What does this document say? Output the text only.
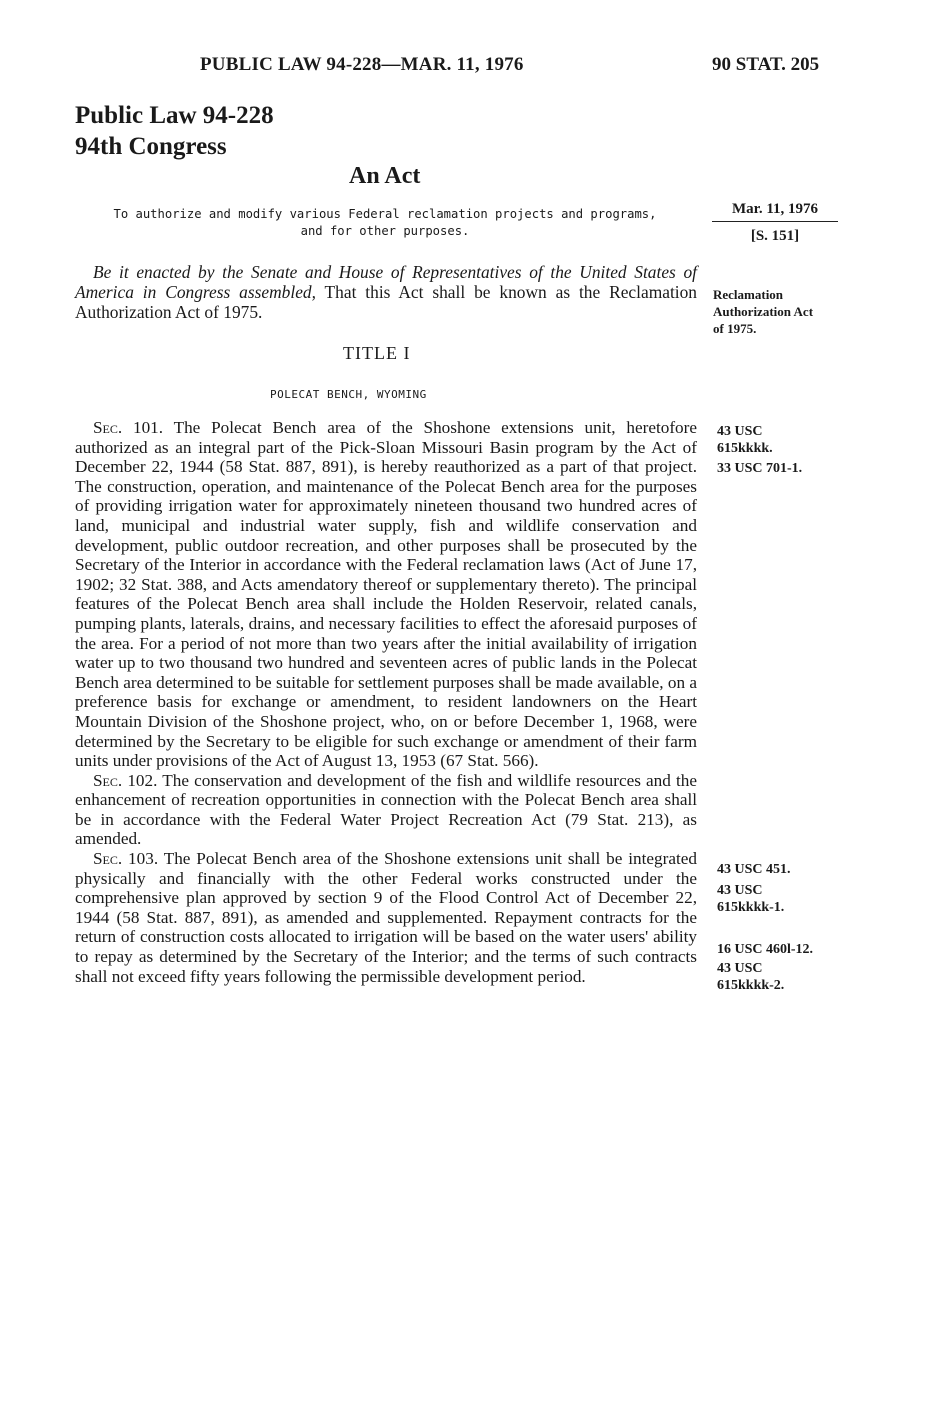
PUBLIC LAW 94-228—MAR. 11, 1976	90 STAT. 205
Public Law 94-228
94th Congress
An Act
To authorize and modify various Federal reclamation projects and programs,
and for other purposes.
Mar. 11, 1976
[S. 151]
Be it enacted by the Senate and House of Representatives of the United States of America in Congress assembled, That this Act shall be known as the Reclamation Authorization Act of 1975.
Reclamation
Authorization Act
of 1975.
TITLE I
POLECAT BENCH, WYOMING

Sec. 101. The Polecat Bench area of the Shoshone extensions unit, heretofore authorized as an integral part of the Pick-Sloan Missouri Basin program by the Act of December 22, 1944 (58 Stat. 887, 891), is hereby reauthorized as a part of that project. The construction, operation, and maintenance of the Polecat Bench area for the purposes of providing irrigation water for approximately nineteen thousand two hundred acres of land, municipal and industrial water supply, fish and wildlife conservation and development, public outdoor recreation, and other purposes shall be prosecuted by the Secretary of the Interior in accordance with the Federal reclamation laws (Act of June 17, 1902; 32 Stat. 388, and Acts amendatory thereof or supplementary thereto). The principal features of the Polecat Bench area shall include the Holden Reservoir, related canals, pumping plants, laterals, drains, and necessary facilities to effect the aforesaid purposes of the area. For a period of not more than two years after the initial availability of irrigation water up to two thousand two hundred and seventeen acres of public lands in the Polecat Bench area determined to be suitable for settlement purposes shall be made available, on a preference basis for exchange or amendment, to resident landowners on the Heart Mountain Division of the Shoshone project, who, on or before December 1, 1968, were determined by the Secretary to be eligible for such exchange or amendment of their farm units under provisions of the Act of August 13, 1953 (67 Stat. 566).

Sec. 102. The conservation and development of the fish and wildlife resources and the enhancement of recreation opportunities in connection with the Polecat Bench area shall be in accordance with the Federal Water Project Recreation Act (79 Stat. 213), as amended.

Sec. 103. The Polecat Bench area of the Shoshone extensions unit shall be integrated physically and financially with the other Federal works constructed under the comprehensive plan approved by section 9 of the Flood Control Act of December 22, 1944 (58 Stat. 887, 891), as amended and supplemented. Repayment contracts for the return of construction costs allocated to irrigation will be based on the water users' ability to repay as determined by the Secretary of the Interior; and the terms of such contracts shall not exceed fifty years following the permissible development period.

43 USC
615kkkk.
33 USC 701-1.
43 USC 451.
43 USC
615kkkk-1.
16 USC 460l-12.
43 USC
615kkkk-2.
